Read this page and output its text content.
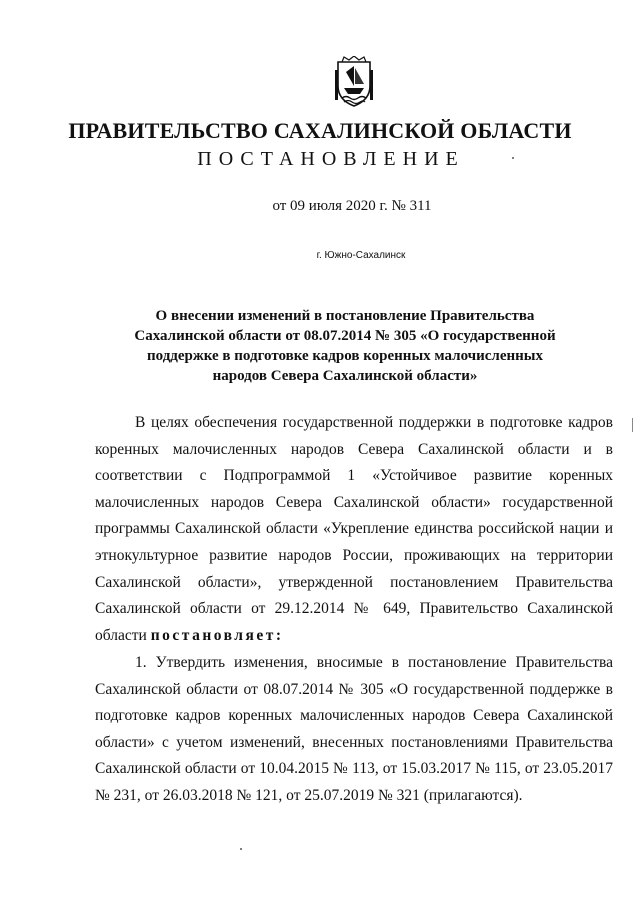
ПРАВИТЕЛЬСТВО САХАЛИНСКОЙ ОБЛАСТИ
ПОСТАНОВЛЕНИЕ
от 09 июля 2020 г. № 311
г. Южно-Сахалинск
О внесении изменений в постановление Правительства
Сахалинской области от 08.07.2014 № 305 «О государственной
поддержке в подготовке кадров коренных малочисленных
народов Севера Сахалинской области»
В целях обеспечения государственной поддержки в подготовке кадров коренных малочисленных народов Севера Сахалинской области и в соответствии с Подпрограммой 1 «Устойчивое развитие коренных малочисленных народов Севера Сахалинской области» государственной программы Сахалинской области «Укрепление единства российской нации и этнокультурное развитие народов России, проживающих на территории Сахалинской области», утвержденной постановлением Правительства Сахалинской области от 29.12.2014 № 649, Правительство Сахалинской области постановляет:
1. Утвердить изменения, вносимые в постановление Правительства Сахалинской области от 08.07.2014 № 305 «О государственной поддержке в подготовке кадров коренных малочисленных народов Севера Сахалинской области» с учетом изменений, внесенных постановлениями Правительства Сахалинской области от 10.04.2015 № 113, от 15.03.2017 № 115, от 23.05.2017 № 231, от 26.03.2018 № 121, от 25.07.2019 № 321 (прилагаются).
